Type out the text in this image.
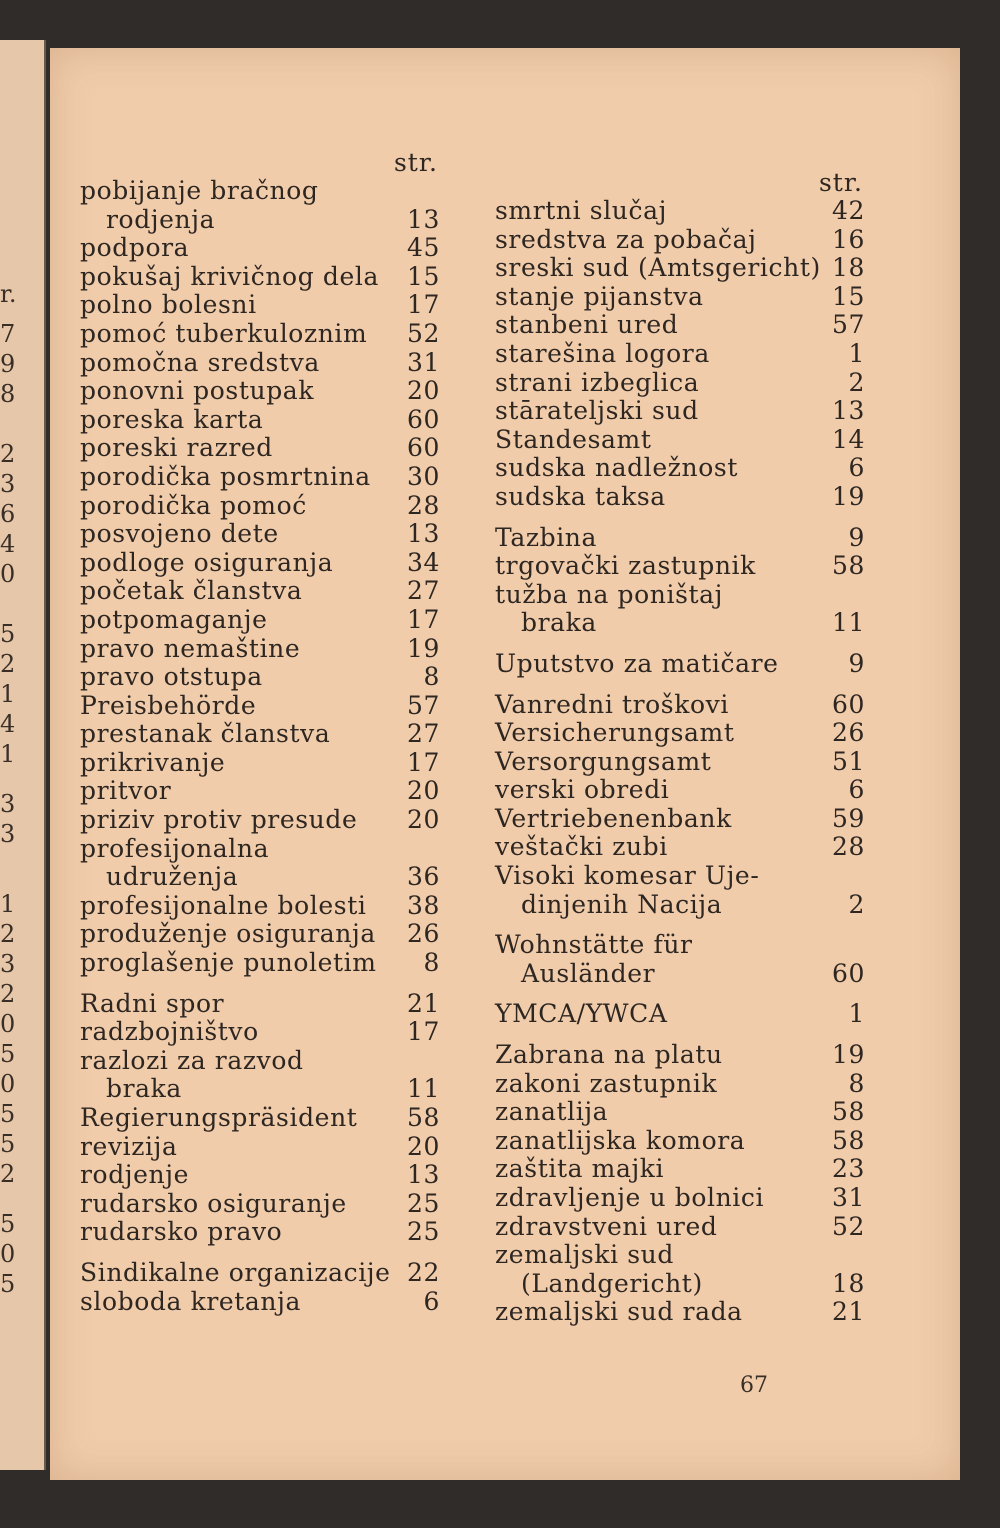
r.
7
9
8
2
3
6
4
0
5
2
1
4
1
3
3
1
2
3
2
0
5
0
5
5
2
5
0
5
str.
pobijanje bračnog
rodjenja	13
podpora	45
pokušaj krivičnog dela 15
polno bolesni	17
pomoć tuberkuloznim 52
pomočna sredstva	31
ponovni postupak	20
poreska karta	60
poreski razred	60
porodička posmrtnina 30
porodička pomoć	28
posvojeno dete	13
podloge osiguranja	34
početak članstva	27
potpomaganje	17
pravo nemaštine	19
pravo otstupa	8
Preisbehörde	57
prestanak članstva	27
prikrivanje	17
pritvor	20
priziv protiv presude 20
profesijonalna
udruženja	36
profesijonalne bolesti 38
produženje osiguranja 26
proglašenje punoletim	8
Radni spor	21
radzbojništvo	17
razlozi za razvod
braka	11
Regierungspräsident 58
revizija	20
rodjenje	13
rudarsko osiguranje 25
rudarsko pravo	25
Sindikalne organizacije 22
sloboda kretanja	6
str.
smrtni slučaj	42
sredstva za pobačaj	16
sreski sud (Amtsgericht) 18
stanje pijanstva	15
stanbeni ured	57
starešina logora	1
strani izbeglica	2
stārateljski sud	13
Standesamt	14
sudska nadležnost	6
sudska taksa	19
Tazbina	9
trgovački zastupnik	58
tužba na poništaj
braka	11
Uputstvo za matičare	9
Vanredni troškovi	60
Versicherungsamt	26
Versorgungsamt	51
verski obredi	6
Vertriebenenbank	59
veštački zubi	28
Visoki komesar Uje-
dinjenih Nacija	2
Wohnstätte für
Ausländer	60
YMCA/YWCA	1
Zabrana na platu	19
zakoni zastupnik	8
zanatlija	58
zanatlijska komora	58
zaštita majki	23
zdravljenje u bolnici	31
zdravstveni ured	52
zemaljski sud
(Landgericht)	18
zemaljski sud rada	21
67
